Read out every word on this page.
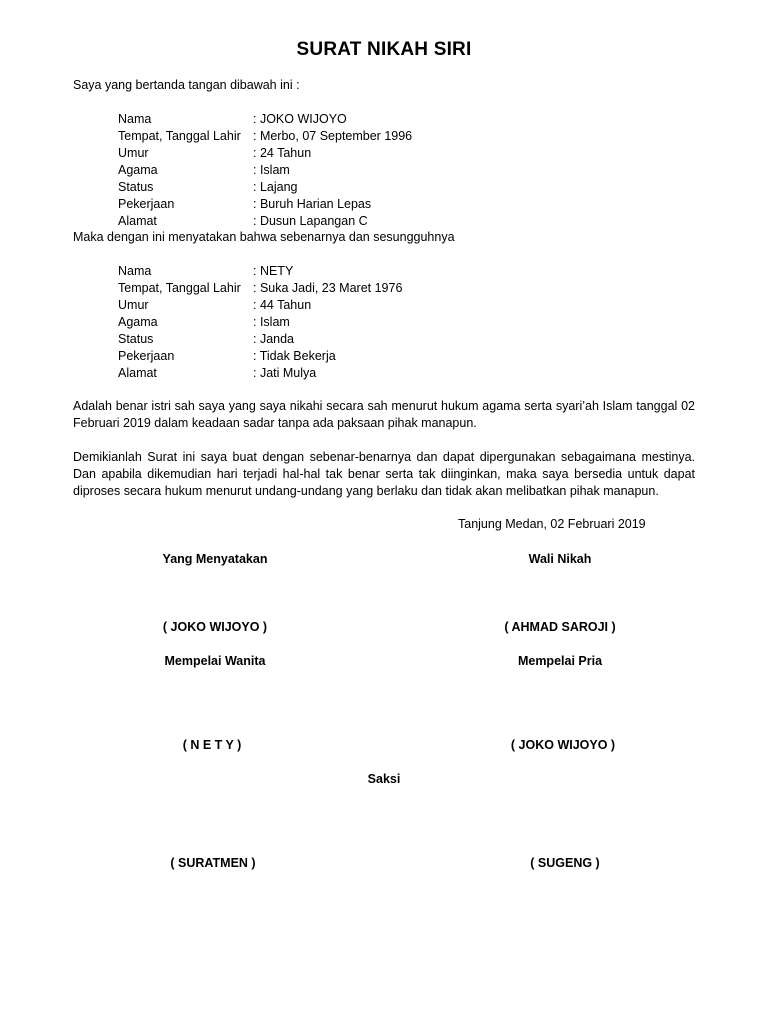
SURAT NIKAH SIRI
Saya yang bertanda tangan dibawah ini :
Nama	: JOKO WIJOYO
Tempat, Tanggal Lahir : Merbo, 07 September 1996
Umur	: 24 Tahun
Agama	: Islam
Status	: Lajang
Pekerjaan	: Buruh Harian Lepas
Alamat	: Dusun Lapangan C
Maka dengan ini menyatakan bahwa sebenarnya dan sesungguhnya
Nama	: NETY
Tempat, Tanggal Lahir : Suka Jadi, 23 Maret 1976
Umur	: 44 Tahun
Agama	: Islam
Status	: Janda
Pekerjaan	: Tidak Bekerja
Alamat	: Jati Mulya
Adalah benar istri sah saya yang saya nikahi secara sah menurut hukum agama serta syari’ah Islam tanggal 02 Februari 2019 dalam keadaan sadar tanpa ada paksaan pihak manapun.
Demikianlah Surat ini saya buat dengan sebenar-benarnya dan dapat dipergunakan sebagaimana mestinya. Dan apabila dikemudian hari terjadi hal-hal tak benar serta tak diinginkan, maka saya bersedia untuk dapat diproses secara hukum menurut undang-undang yang berlaku dan tidak akan melibatkan pihak manapun.
Tanjung Medan, 02 Februari 2019
Yang Menyatakan	Wali Nikah
( JOKO WIJOYO )	( AHMAD SAROJI )
Mempelai Wanita	Mempelai Pria
( N E T Y )	( JOKO WIJOYO )
Saksi
( SURATMEN )	( SUGENG )
